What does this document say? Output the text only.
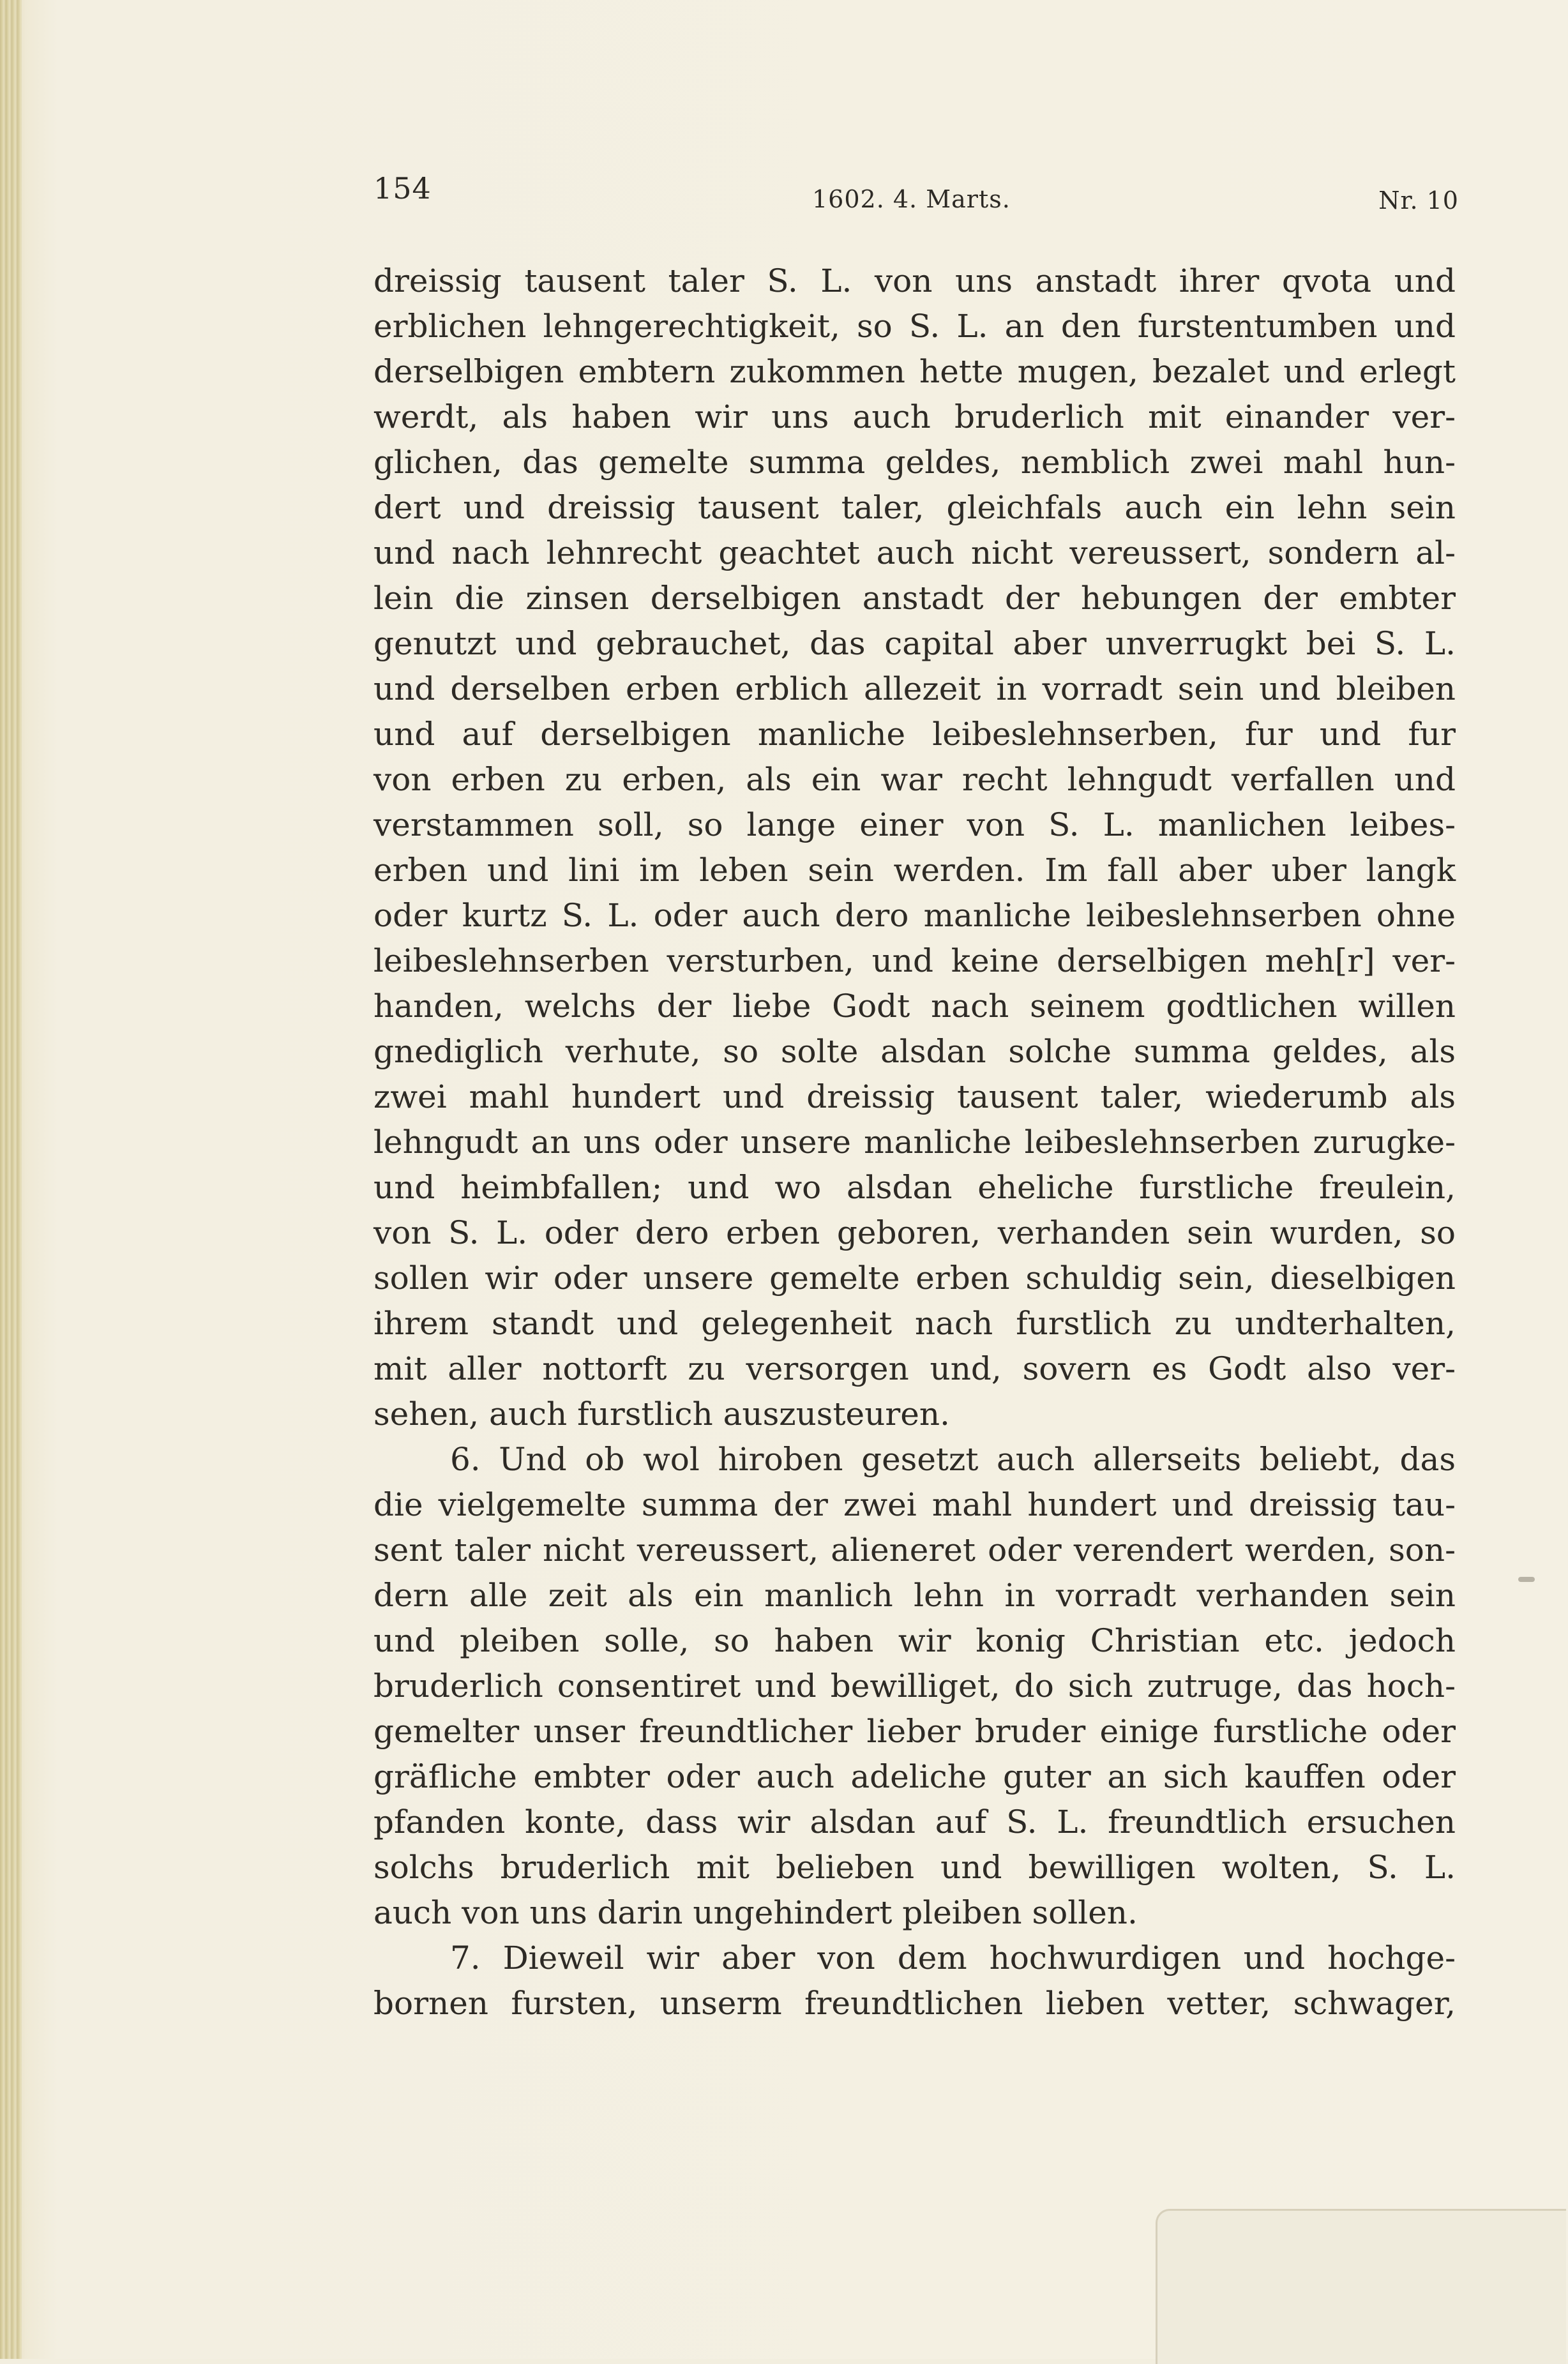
154	1602. 4. Marts.	Nr. 10
dreissig tausent taler S. L. von uns anstadt ihrer qvota und
erblichen lehngerechtigkeit, so S. L. an den furstentumben und
derselbigen embtern zukommen hette mugen, bezalet und erlegt
werdt, als haben wir uns auch bruderlich mit einander ver-
glichen, das gemelte summa geldes, nemblich zwei mahl hun-
dert und dreissig tausent taler, gleichfals auch ein lehn sein
und nach lehnrecht geachtet auch nicht vereussert, sondern al-
lein die zinsen derselbigen anstadt der hebungen der embter
genutzt und gebrauchet, das capital aber unverrugkt bei S. L.
und derselben erben erblich allezeit in vorradt sein und bleiben
und auf derselbigen manliche leibeslehnserben, fur und fur
von erben zu erben, als ein war recht lehngudt verfallen und
verstammen soll, so lange einer von S. L. manlichen leibes-
erben und lini im leben sein werden. Im fall aber uber langk
oder kurtz S. L. oder auch dero manliche leibeslehnserben ohne
leibeslehnserben versturben, und keine derselbigen meh[r] ver-
handen, welchs der liebe Godt nach seinem godtlichen willen
gnediglich verhute, so solte alsdan solche summa geldes, als
zwei mahl hundert und dreissig tausent taler, wiederumb als
lehngudt an uns oder unsere manliche leibeslehnserben zurugke-
und heimbfallen; und wo alsdan eheliche furstliche freulein,
von S. L. oder dero erben geboren, verhanden sein wurden, so
sollen wir oder unsere gemelte erben schuldig sein, dieselbigen
ihrem standt und gelegenheit nach furstlich zu undterhalten,
mit aller nottorft zu versorgen und, sovern es Godt also ver-
sehen, auch furstlich auszusteuren.
6. Und ob wol hiroben gesetzt auch allerseits beliebt, das
die vielgemelte summa der zwei mahl hundert und dreissig tau-
sent taler nicht vereussert, alieneret oder verendert werden, son-
dern alle zeit als ein manlich lehn in vorradt verhanden sein
und pleiben solle, so haben wir konig Christian etc. jedoch
bruderlich consentiret und bewilliget, do sich zutruge, das hoch-
gemelter unser freundtlicher lieber bruder einige furstliche oder
gräfliche embter oder auch adeliche guter an sich kauffen oder
pfanden konte, dass wir alsdan auf S. L. freundtlich ersuchen
solchs bruderlich mit belieben und bewilligen wolten, S. L.
auch von uns darin ungehindert pleiben sollen.
7. Dieweil wir aber von dem hochwurdigen und hochge-
bornen fursten, unserm freundtlichen lieben vetter, schwager,
